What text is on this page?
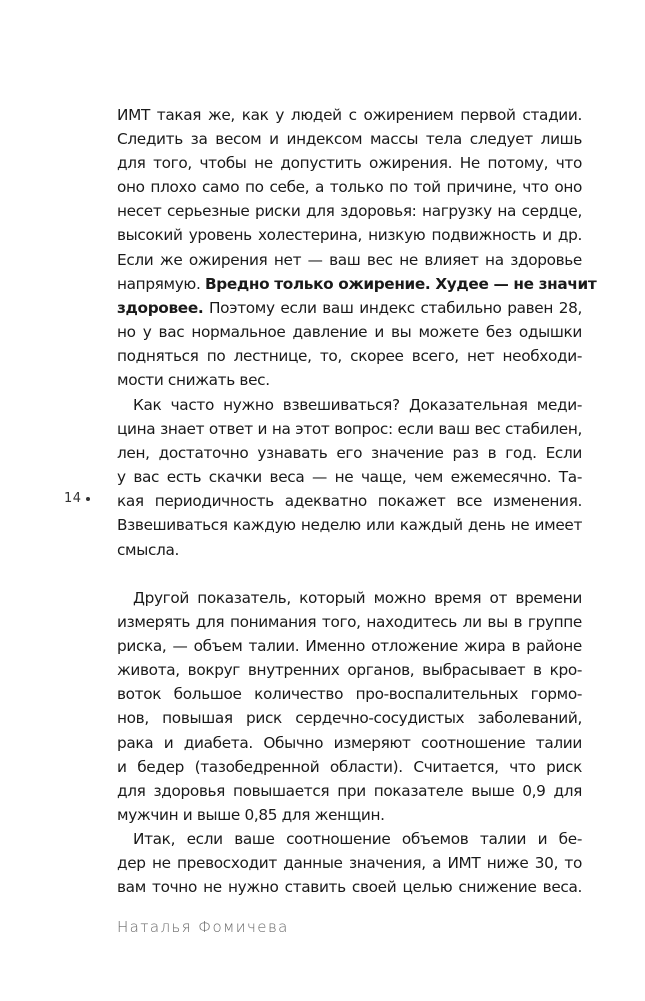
ИМТ такая же, как у людей с ожирением первой стадии.
Следить за весом и индексом массы тела следует лишь
для того, чтобы не допустить ожирения. Не потому, что
оно плохо само по себе, а только по той причине, что оно
несет серьезные риски для здоровья: нагрузку на сердце,
высокий уровень холестерина, низкую подвижность и др.
Если же ожирения нет — ваш вес не влияет на здоровье
напрямую. Вредно только ожирение. Худее — не значит
здоровее. Поэтому если ваш индекс стабильно равен 28,
но у вас нормальное давление и вы можете без одышки
подняться по лестнице, то, скорее всего, нет необходи-
мости снижать вес.
Как часто нужно взвешиваться? Доказательная меди-
цина знает ответ и на этот вопрос: если ваш вес стабилен,
лен, достаточно узнавать его значение раз в год. Если
у вас есть скачки веса — не чаще, чем ежемесячно. Та-
кая периодичность адекватно покажет все изменения.
Взвешиваться каждую неделю или каждый день не имеет
смысла.
14
Другой показатель, который можно время от времени
измерять для понимания того, находитесь ли вы в группе
риска, — объем талии. Именно отложение жира в районе
живота, вокруг внутренних органов, выбрасывает в кро-
воток большое количество про-воспалительных гормо-
нов, повышая риск сердечно-сосудистых заболеваний,
рака и диабета. Обычно измеряют соотношение талии
и бедер (тазобедренной области). Считается, что риск
для здоровья повышается при показателе выше 0,9 для
мужчин и выше 0,85 для женщин.
Итак, если ваше соотношение объемов талии и бе-
дер не превосходит данные значения, а ИМТ ниже 30, то
вам точно не нужно ставить своей целью снижение веса.
Наталья Фомичева
